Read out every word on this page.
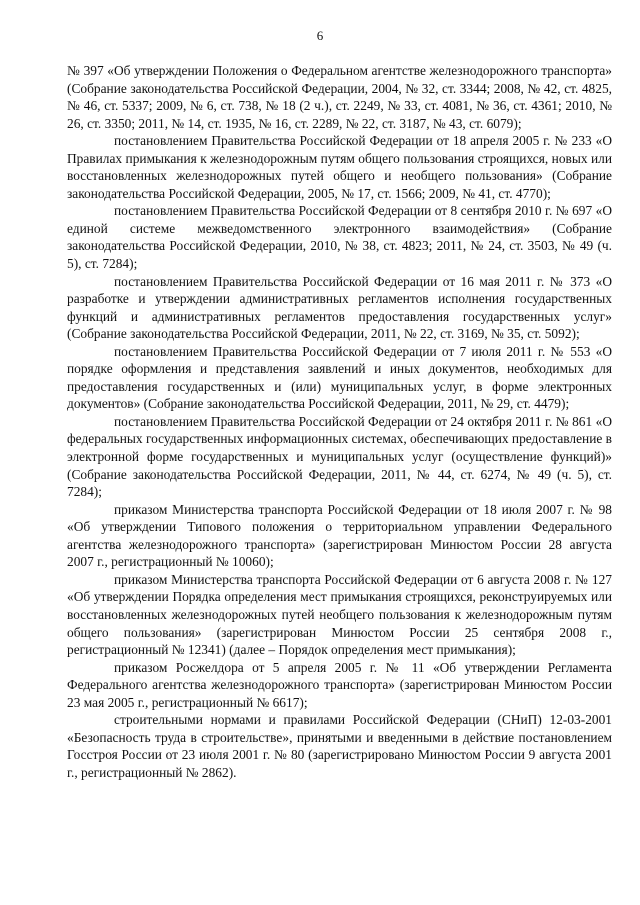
6

№ 397 «Об утверждении Положения о Федеральном агентстве железнодорожного транспорта» (Собрание законодательства Российской Федерации, 2004, № 32, ст. 3344; 2008, № 42, ст. 4825, № 46, ст. 5337; 2009, № 6, ст. 738, № 18 (2 ч.), ст. 2249, № 33, ст. 4081, № 36, ст. 4361; 2010, № 26, ст. 3350; 2011, № 14, ст. 1935, № 16, ст. 2289, № 22, ст. 3187, № 43, ст. 6079);

постановлением Правительства Российской Федерации от 18 апреля 2005 г. № 233 «О Правилах примыкания к железнодорожным путям общего пользования строящихся, новых или восстановленных железнодорожных путей общего и необщего пользования» (Собрание законодательства Российской Федерации, 2005, № 17, ст. 1566; 2009, № 41, ст. 4770);

постановлением Правительства Российской Федерации от 8 сентября 2010 г. № 697 «О единой системе межведомственного электронного взаимодействия» (Собрание законодательства Российской Федерации, 2010, № 38, ст. 4823; 2011, № 24, ст. 3503, № 49 (ч. 5), ст. 7284);

постановлением Правительства Российской Федерации от 16 мая 2011 г. № 373 «О разработке и утверждении административных регламентов исполнения государственных функций и административных регламентов предоставления государственных услуг» (Собрание законодательства Российской Федерации, 2011, № 22, ст. 3169, № 35, ст. 5092);

постановлением Правительства Российской Федерации от 7 июля 2011 г. № 553 «О порядке оформления и представления заявлений и иных документов, необходимых для предоставления государственных и (или) муниципальных услуг, в форме электронных документов» (Собрание законодательства Российской Федерации, 2011, № 29, ст. 4479);

постановлением Правительства Российской Федерации от 24 октября 2011 г. № 861 «О федеральных государственных информационных системах, обеспечивающих предоставление в электронной форме государственных и муниципальных услуг (осуществление функций)» (Собрание законодательства Российской Федерации, 2011, № 44, ст. 6274, № 49 (ч. 5), ст. 7284);

приказом Министерства транспорта Российской Федерации от 18 июля 2007 г. № 98 «Об утверждении Типового положения о территориальном управлении Федерального агентства железнодорожного транспорта» (зарегистрирован Минюстом России 28 августа 2007 г., регистрационный № 10060);

приказом Министерства транспорта Российской Федерации от 6 августа 2008 г. № 127 «Об утверждении Порядка определения мест примыкания строящихся, реконструируемых или восстановленных железнодорожных путей необщего пользования к железнодорожным путям общего пользования» (зарегистрирован Минюстом России 25 сентября 2008 г., регистрационный № 12341) (далее – Порядок определения мест примыкания);

приказом Росжелдора от 5 апреля 2005 г. № 11 «Об утверждении Регламента Федерального агентства железнодорожного транспорта» (зарегистрирован Минюстом России 23 мая 2005 г., регистрационный № 6617);

строительными нормами и правилами Российской Федерации (СНиП) 12-03-2001 «Безопасность труда в строительстве», принятыми и введенными в действие постановлением Госстроя России от 23 июля 2001 г. № 80 (зарегистрировано Минюстом России 9 августа 2001 г., регистрационный № 2862).
